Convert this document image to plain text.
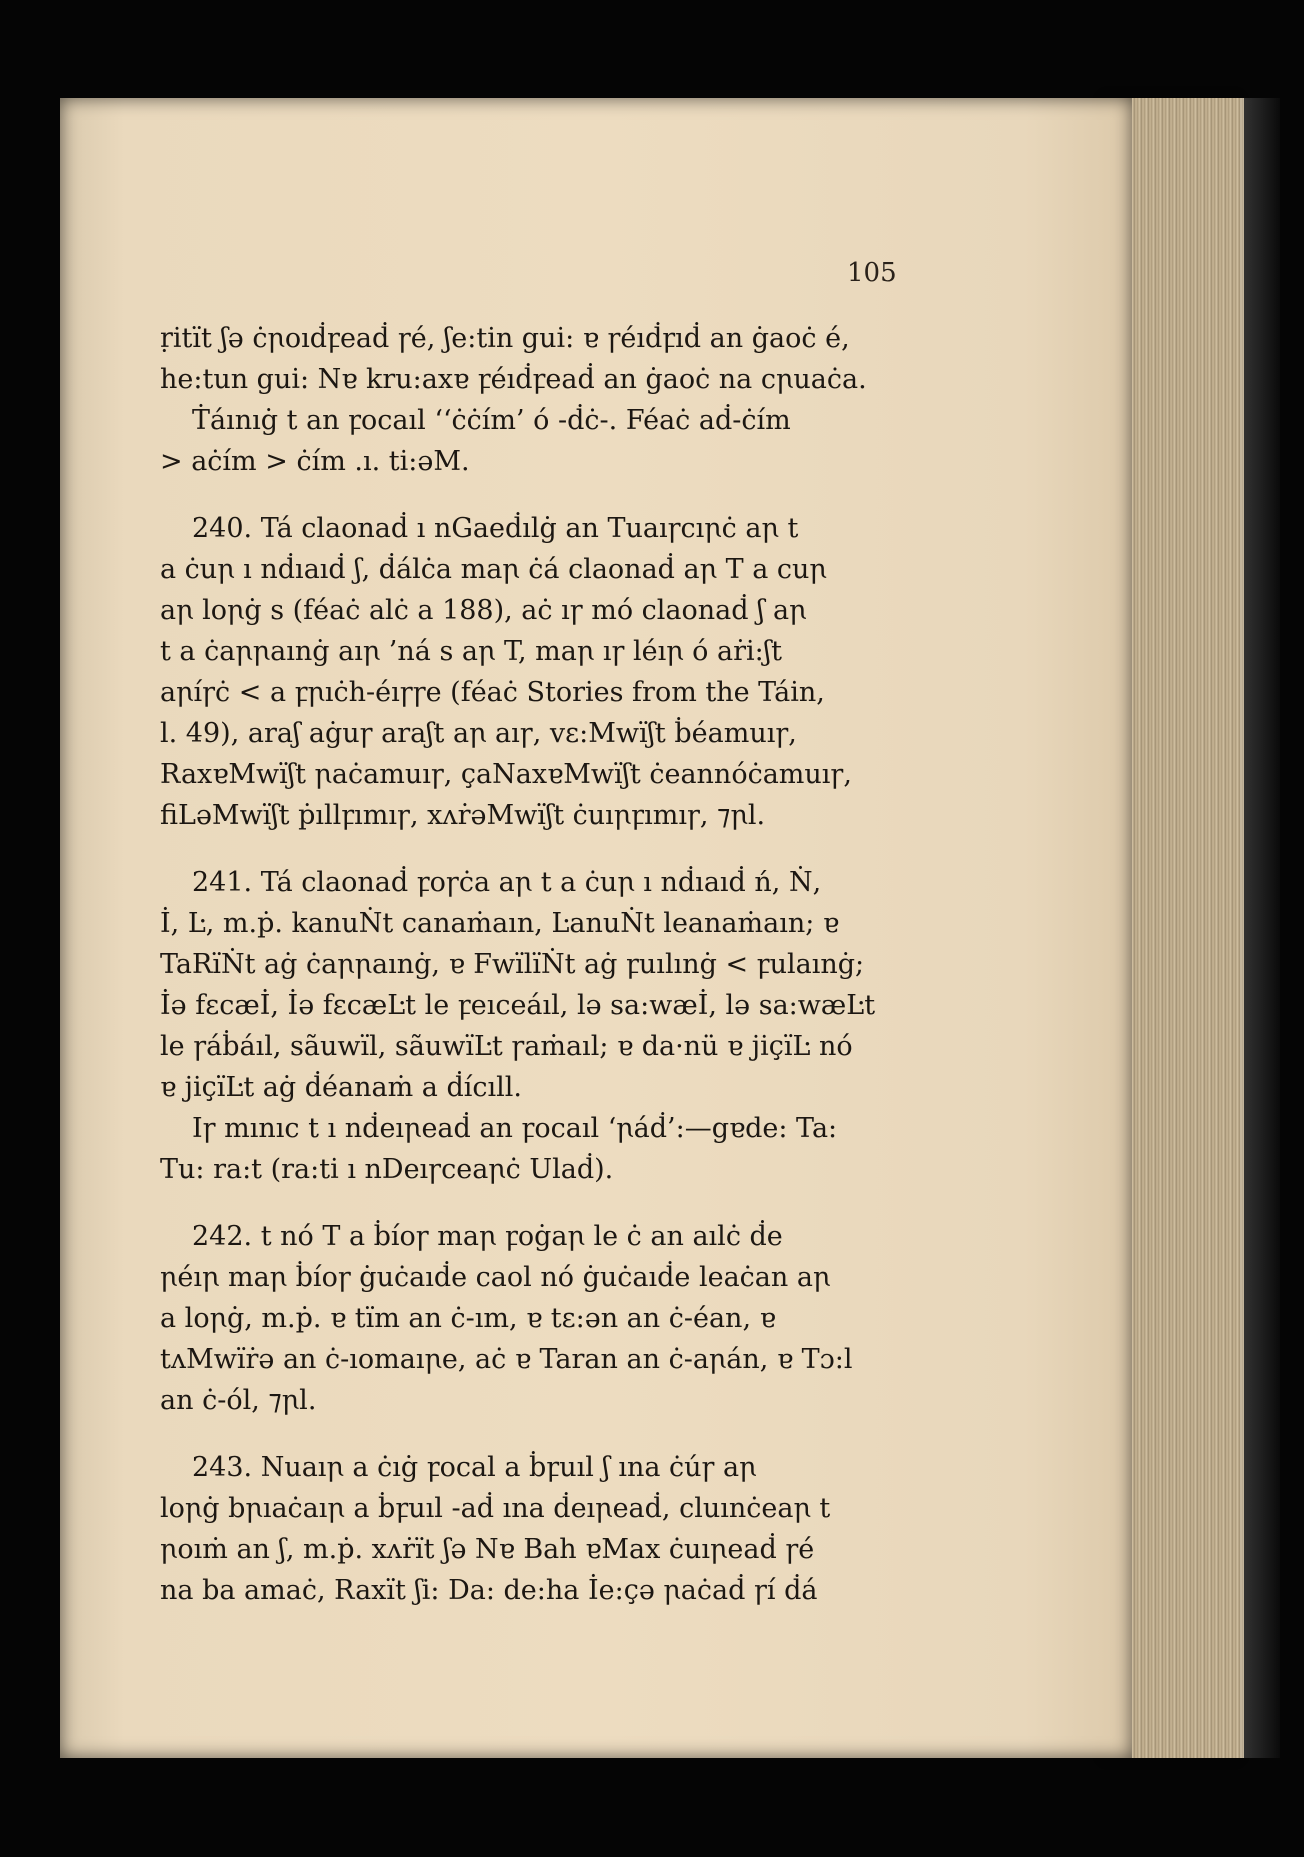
105
ṛitït ʃə ċꞃoıḋꝼeaḋ ꞅé, ʃe:tin gui: ɐ ꞅéıḋꝼıḋ an ġaoċ é,
he:tun gui: Nɐ kru:axɐ ꝼéıḋꝼeaḋ an ġaoċ na cꞃuaċa.
Ṫáınıġ t an ꝼocaıl ‘‘ċċím’ ó -ḋċ-. Féaċ aḋ-ċím
> aċím > ċím .ı. ti:əM.
240. Tá claonaḋ ı nGaeḋılġ an Tuaıꞅcıꞃċ aꞃ t
a ċuꞃ ı nḋıaıḋ ʃ, ḋálċa maꞃ ċá claonaḋ aꞃ T a cuꞃ
aꞃ loꞃġ s (féaċ alċ a 188), aċ ıꞅ mó claonaḋ ʃ aꞃ
t a ċaꞃꞃaınġ aıꞃ ’ná s aꞃ T, maꞃ ıꞅ léıꞃ ó aṙi:ʃt
aꞃíꞅċ < a ꝼꞃıċh-éıꞅꞅe (féaċ Stories from the Táin,
l. 49), araʃ aġuꞅ araʃt aꞃ aıꞅ, vɛ:Mwïʃt ḃéamuıꞅ,
RaxɐMwïʃt ꞃaċamuıꞅ, çaNaxɐMwïʃt ċeannóċamuıꞅ,
fiLəMwïʃt ṗıllꝼımıꞅ, xʌṙəMwïʃt ċuıꞃꝼımıꞅ, ⁊ꞃl.
241. Tá claonaḋ ꝼoꞅċa aꞃ t a ċuꞃ ı nḋıaıḋ ń, Ṅ,
İ, Ŀ, m.ṗ. kanuṄt canaṁaın, ĿanuṄt leanaṁaın; ɐ
TaRïṄt aġ ċaꞃꞃaınġ, ɐ FwïlïṄt aġ ꝼuılınġ < ꝼulaınġ;
İə fɛcæİ, İə fɛcæĿt le ꝼeıceáıl, lə sa:wæİ, lə sa:wæĿt
le ꞅáḃáıl, sãuwïl, sãuwïĿt ꞅaṁaıl; ɐ da·nü ɐ jiçïĿ nó
ɐ jiçïĿt aġ ḋéanaṁ a ḋícıll.
Iꞅ mınıc t ı nḋeıꞃeaḋ an ꝼocaıl ‘ꞃáḋ’:—gɐde: Ta:
Tu: ra:t (ra:ti ı nDeıꞅceaꞃċ Ulaḋ).
242. t nó T a ḃíoꞅ maꞃ ꝼoġaꞃ le ċ an aılċ ḋe
ꞃéıꞃ maꞃ ḃíoꞅ ġuċaıḋe caol nó ġuċaıḋe leaċan aꞃ
a loꞃġ, m.ṗ. ɐ tïm an ċ-ım, ɐ tɛ:ən an ċ-éan, ɐ
tʌMwïṙə an ċ-ıomaıꞃe, aċ ɐ Taran an ċ-aꞃán, ɐ Tɔ:l
an ċ-ól, ⁊ꞃl.
243. Nuaıꞃ a ċıġ ꝼocal a ḃꝼuıl ʃ ına ċúꞅ aꞃ
loꞃġ bꞃıaċaıꞃ a ḃꝼuıl -aḋ ına ḋeıꞃeaḋ, cluınċeaꞃ t
ꞃoıṁ an ʃ, m.ṗ. xʌṙït ʃə Nɐ Bah ɐMax ċuıꞃeaḋ ꞅé
na ba amaċ, Raxït ʃi: Da: de:ha İe:çə ꞃaċaḋ ꞅí ḋá
